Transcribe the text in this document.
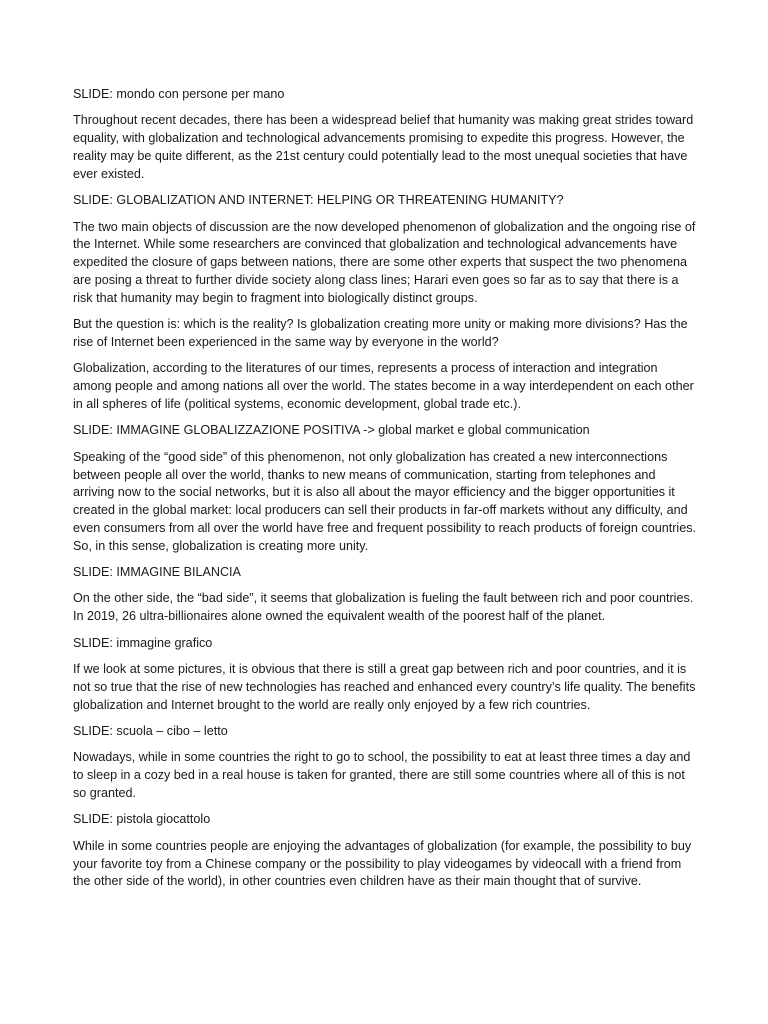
SLIDE: mondo con persone per mano

Throughout recent decades, there has been a widespread belief that humanity was making great strides toward equality, with globalization and technological advancements promising to expedite this progress. However, the reality may be quite different, as the 21st century could potentially lead to the most unequal societies that have ever existed.

SLIDE: GLOBALIZATION AND INTERNET: HELPING OR THREATENING HUMANITY?

The two main objects of discussion are the now developed phenomenon of globalization and the ongoing rise of the Internet. While some researchers are convinced that globalization and technological advancements have expedited the closure of gaps between nations, there are some other experts that suspect the two phenomena are posing a threat to further divide society along class lines; Harari even goes so far as to say that there is a risk that humanity may begin to fragment into biologically distinct groups.

But the question is: which is the reality? Is globalization creating more unity or making more divisions? Has the rise of Internet been experienced in the same way by everyone in the world?

Globalization, according to the literatures of our times, represents a process of interaction and integration among people and among nations all over the world. The states become in a way interdependent on each other in all spheres of life (political systems, economic development, global trade etc.).

SLIDE: IMMAGINE GLOBALIZZAZIONE POSITIVA -> global market e global communication

Speaking of the “good side” of this phenomenon, not only globalization has created a new interconnections between people all over the world, thanks to new means of communication, starting from telephones and arriving now to the social networks, but it is also all about the mayor efficiency and the bigger opportunities it created in the global market: local producers can sell their products in far-off markets without any difficulty, and even consumers from all over the world have free and frequent possibility to reach products of foreign countries. So, in this sense, globalization is creating more unity.

SLIDE: IMMAGINE BILANCIA

On the other side, the “bad side”, it seems that globalization is fueling the fault between rich and poor countries. In 2019, 26 ultra-billionaires alone owned the equivalent wealth of the poorest half of the planet.

SLIDE: immagine grafico

If we look at some pictures, it is obvious that there is still a great gap between rich and poor countries, and it is not so true that the rise of new technologies has reached and enhanced every country’s life quality. The benefits globalization and Internet brought to the world are really only enjoyed by a few rich countries.

SLIDE: scuola – cibo – letto

Nowadays, while in some countries the right to go to school, the possibility to eat at least three times a day and to sleep in a cozy bed in a real house is taken for granted, there are still some countries where all of this is not so granted.

SLIDE: pistola giocattolo

While in some countries people are enjoying the advantages of globalization (for example, the possibility to buy your favorite toy from a Chinese company or the possibility to play videogames by videocall with a friend from the other side of the world), in other countries even children have as their main thought that of survive.
